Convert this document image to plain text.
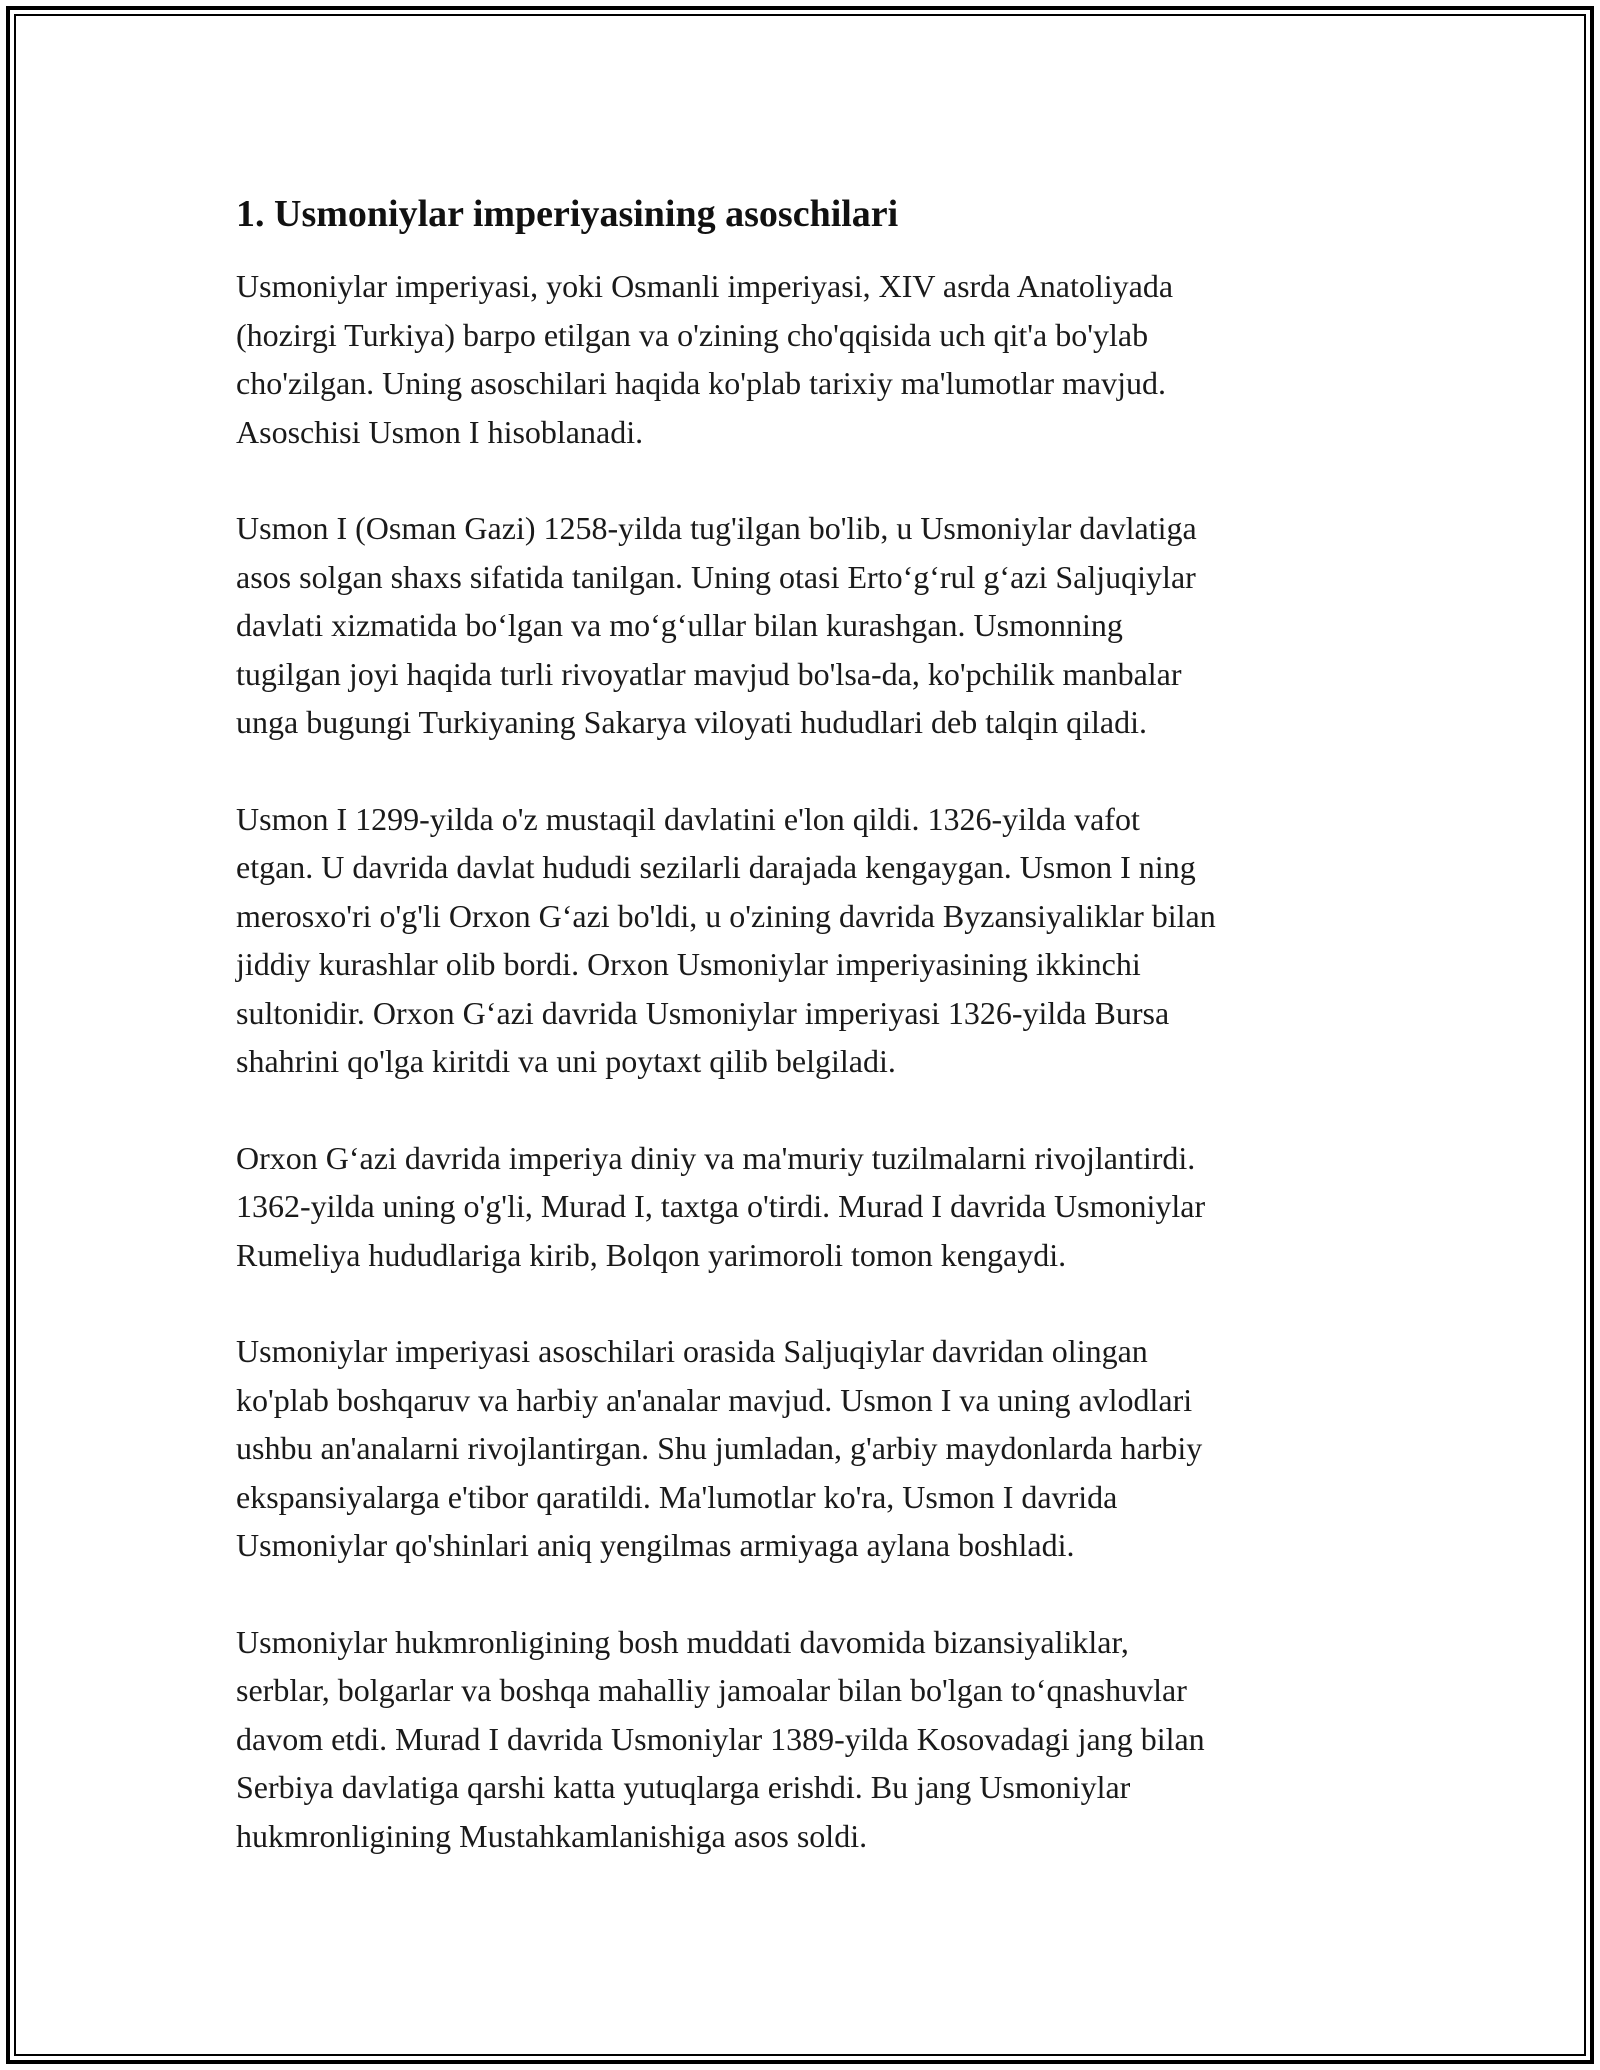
1. Usmoniylar imperiyasining asoschilari

Usmoniylar imperiyasi, yoki Osmanli imperiyasi, XIV asrda Anatoliyada
(hozirgi Turkiya) barpo etilgan va o'zining cho'qqisida uch qit'a bo'ylab
cho'zilgan. Uning asoschilari haqida ko'plab tarixiy ma'lumotlar mavjud.
Asoschisi Usmon I hisoblanadi.

Usmon I (Osman Gazi) 1258-yilda tug'ilgan bo'lib, u Usmoniylar davlatiga
asos solgan shaxs sifatida tanilgan. Uning otasi Ertoʻgʻrul gʻazi Saljuqiylar
davlati xizmatida boʻlgan va moʻgʻullar bilan kurashgan. Usmonning
tugilgan joyi haqida turli rivoyatlar mavjud bo'lsa-da, ko'pchilik manbalar
unga bugungi Turkiyaning Sakarya viloyati hududlari deb talqin qiladi.

Usmon I 1299-yilda o'z mustaqil davlatini e'lon qildi. 1326-yilda vafot
etgan. U davrida davlat hududi sezilarli darajada kengaygan. Usmon I ning
merosxo'ri o'g'li Orxon Gʻazi bo'ldi, u o'zining davrida Byzansiyaliklar bilan
jiddiy kurashlar olib bordi. Orxon Usmoniylar imperiyasining ikkinchi
sultonidir. Orxon Gʻazi davrida Usmoniylar imperiyasi 1326-yilda Bursa
shahrini qo'lga kiritdi va uni poytaxt qilib belgiladi.

Orxon Gʻazi davrida imperiya diniy va ma'muriy tuzilmalarni rivojlantirdi.
1362-yilda uning o'g'li, Murad I, taxtga o'tirdi. Murad I davrida Usmoniylar
Rumeliya hududlariga kirib, Bolqon yarimoroli tomon kengaydi.

Usmoniylar imperiyasi asoschilari orasida Saljuqiylar davridan olingan
ko'plab boshqaruv va harbiy an'analar mavjud. Usmon I va uning avlodlari
ushbu an'analarni rivojlantirgan. Shu jumladan, g'arbiy maydonlarda harbiy
ekspansiyalarga e'tibor qaratildi. Ma'lumotlar ko'ra, Usmon I davrida
Usmoniylar qo'shinlari aniq yengilmas armiyaga aylana boshladi.

Usmoniylar hukmronligining bosh muddati davomida bizansiyaliklar,
serblar, bolgarlar va boshqa mahalliy jamoalar bilan bo'lgan toʻqnashuvlar
davom etdi. Murad I davrida Usmoniylar 1389-yilda Kosovadagi jang bilan
Serbiya davlatiga qarshi katta yutuqlarga erishdi. Bu jang Usmoniylar
hukmronligining Mustahkamlanishiga asos soldi.
